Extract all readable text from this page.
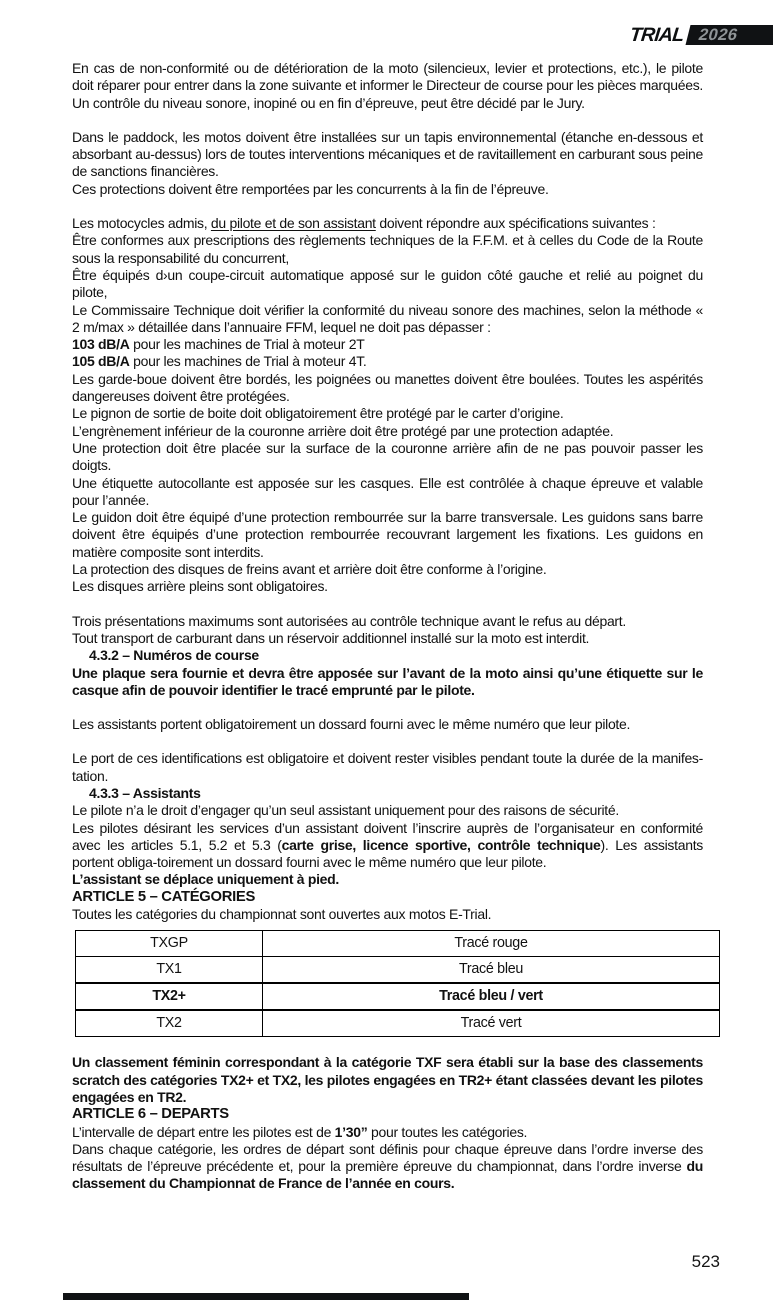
TRIAL 2026

En cas de non-conformité ou de détérioration de la moto (silencieux, levier et protections, etc.), le pilote doit réparer pour entrer dans la zone suivante et informer le Directeur de course pour les pièces marquées. Un contrôle du niveau sonore, inopiné ou en fin d’épreuve, peut être décidé par le Jury.

Dans le paddock, les motos doivent être installées sur un tapis environnemental (étanche en-dessous et absorbant au-dessus) lors de toutes interventions mécaniques et de ravitaillement en carburant sous peine de sanctions financières.

Ces protections doivent être remportées par les concurrents à la fin de l’épreuve.

Les motocycles admis, du pilote et de son assistant doivent répondre aux spécifications suivantes :

Être conformes aux prescriptions des règlements techniques de la F.F.M. et à celles du Code de la Route sous la responsabilité du concurrent,

Être équipés d›un coupe-circuit automatique apposé sur le guidon côté gauche et relié au poignet du pilote,

Le Commissaire Technique doit vérifier la conformité du niveau sonore des machines, selon la méthode « 2 m/max » détaillée dans l’annuaire FFM, lequel ne doit pas dépasser :

103 dB/A pour les machines de Trial à moteur 2T

105 dB/A pour les machines de Trial à moteur 4T.

Les garde-boue doivent être bordés, les poignées ou manettes doivent être boulées. Toutes les aspérités dangereuses doivent être protégées.

Le pignon de sortie de boite doit obligatoirement être protégé par le carter d’origine.

L’engrènement inférieur de la couronne arrière doit être protégé par une protection adaptée.

Une protection doit être placée sur la surface de la couronne arrière afin de ne pas pouvoir passer les doigts.

Une étiquette autocollante est apposée sur les casques. Elle est contrôlée à chaque épreuve et valable pour l’année.

Le guidon doit être équipé d’une protection rembourrée sur la barre transversale. Les guidons sans barre doivent être équipés d’une protection rembourrée recouvrant largement les fixations. Les guidons en matière composite sont interdits.

La protection des disques de freins avant et arrière doit être conforme à l’origine.

Les disques arrière pleins sont obligatoires.

Trois présentations maximums sont autorisées au contrôle technique avant le refus au départ.

Tout transport de carburant dans un réservoir additionnel installé sur la moto est interdit.

4.3.2 – Numéros de course

Une plaque sera fournie et devra être apposée sur l’avant de la moto ainsi qu’une étiquette sur le casque afin de pouvoir identifier le tracé emprunté par le pilote.

Les assistants portent obligatoirement un dossard fourni avec le même numéro que leur pilote.

Le port de ces identifications est obligatoire et doivent rester visibles pendant toute la durée de la manifes-tation.

4.3.3 – Assistants

Le pilote n’a le droit d’engager qu’un seul assistant uniquement pour des raisons de sécurité.

Les pilotes désirant les services d’un assistant doivent l’inscrire auprès de l’organisateur en conformité avec les articles 5.1, 5.2 et 5.3 (carte grise, licence sportive, contrôle technique). Les assistants portent obliga-toirement un dossard fourni avec le même numéro que leur pilote.

L’assistant se déplace uniquement à pied.

ARTICLE 5 – CATÉGORIES

Toutes les catégories du championnat sont ouvertes aux motos E-Trial.

TXGP	Tracé rouge
TX1	Tracé bleu
TX2+	Tracé bleu / vert
TX2	Tracé vert

Un classement féminin correspondant à la catégorie TXF sera établi sur la base des classements scratch des catégories TX2+ et TX2, les pilotes engagées en TR2+ étant classées devant les pilotes engagées en TR2.

ARTICLE 6 – DEPARTS

L’intervalle de départ entre les pilotes est de 1’30” pour toutes les catégories.

Dans chaque catégorie, les ordres de départ sont définis pour chaque épreuve dans l’ordre inverse des résultats de l’épreuve précédente et, pour la première épreuve du championnat, dans l’ordre inverse du classement du Championnat de France de l’année en cours.

523
